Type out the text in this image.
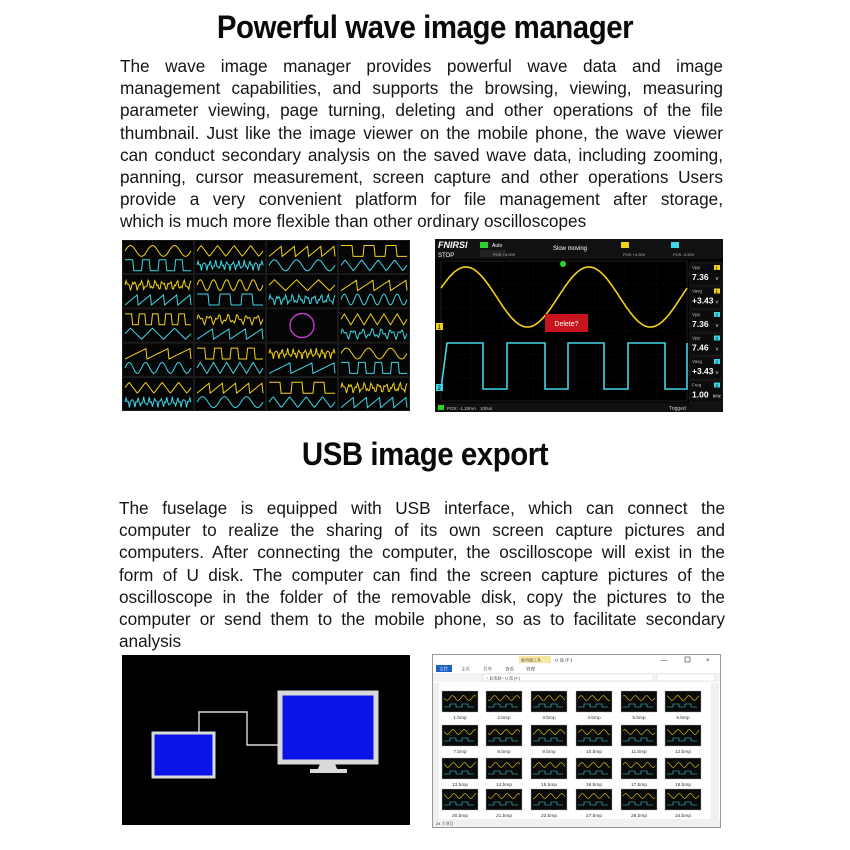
Powerful wave image manager
The wave image manager provides powerful wave data and image
management capabilities, and supports the browsing, viewing, measuring
parameter viewing, page turning, deleting and other operations of the file
thumbnail. Just like the image viewer on the mobile phone, the wave viewer
can conduct secondary analysis on the saved wave data, including zooming,
panning, cursor measurement, screen capture and other operations Users
provide a very convenient platform for file management after storage,
which is much more flexible than other ordinary oscilloscopes
FNIRSI
STOP
Auto	Slow moving
POS +4.30V	POS -0.50V
POS +4.00V
1
2
Delete?
POS: -1.20mA 100us	Trigged
Vpp	1
7.36 V
Vavg	1
+3.43 V
Vpp	2
7.36 V
Vpp	2
7.46 V
Vavg	2
+3.43 V
Freq	2
1.00 kHz
USB image export
The fuselage is equipped with USB interface, which can connect the
computer to realize the sharing of its own screen capture pictures and
computers. After connecting the computer, the oscilloscope will exist in the
form of U disk. The computer can find the screen capture pictures of the
oscilloscope in the folder of the removable disk, copy the pictures to the
computer or send them to the mobile phone, so as to facilitate secondary
analysis
驱动器工具	U 盘 (F:)	—	×
文件	主页	共享	查看	管理
› 此电脑 › U 盘 (F:)
1.bmp	2.bmp	3.bmp	4.bmp	5.bmp	6.bmp
7.bmp	8.bmp	9.bmp	10.bmp	11.bmp	12.bmp
13.bmp	14.bmp	15.bmp	16.bmp	17.bmp	18.bmp
20.bmp	21.bmp	23.bmp	27.bmp	28.bmp	34.bmp
24 个项目
